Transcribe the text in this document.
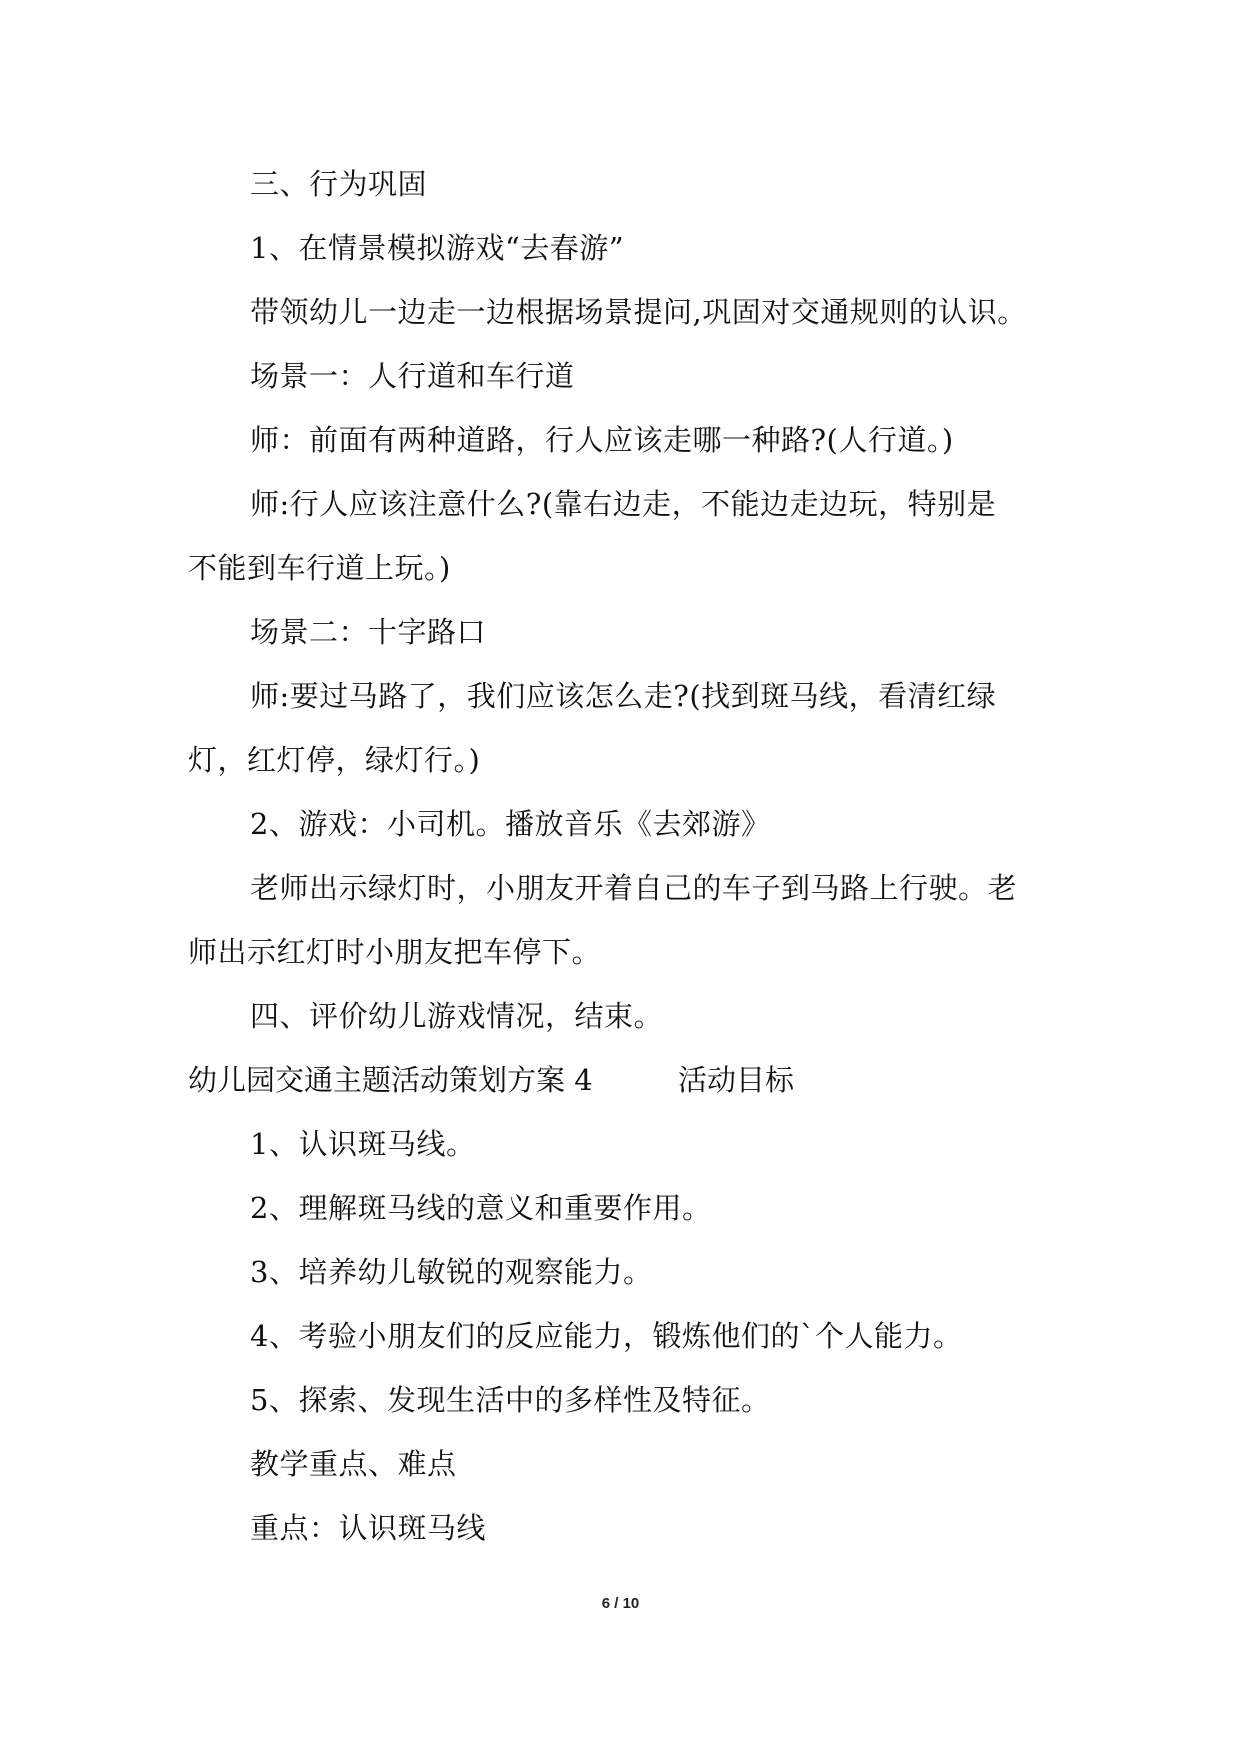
三、行为巩固
1、在情景模拟游戏“去春游”
带领幼儿一边走一边根据场景提问,巩固对交通规则的认识。
场景一：人行道和车行道
师：前面有两种道路，行人应该走哪一种路?(人行道。)
师:行人应该注意什么?(靠右边走，不能边走边玩，特别是
不能到车行道上玩。)
场景二：十字路口
师:要过马路了，我们应该怎么走?(找到斑马线，看清红绿
灯，红灯停，绿灯行。)
2、游戏：小司机。播放音乐《去郊游》
老师出示绿灯时，小朋友开着自己的车子到马路上行驶。老
师出示红灯时小朋友把车停下。
四、评价幼儿游戏情况，结束。
幼儿园交通主题活动策划方案 4	活动目标
1、认识斑马线。
2、理解斑马线的意义和重要作用。
3、培养幼儿敏锐的观察能力。
4、考验小朋友们的反应能力，锻炼他们的`个人能力。
5、探索、发现生活中的多样性及特征。
教学重点、难点
重点：认识斑马线
6 / 10
